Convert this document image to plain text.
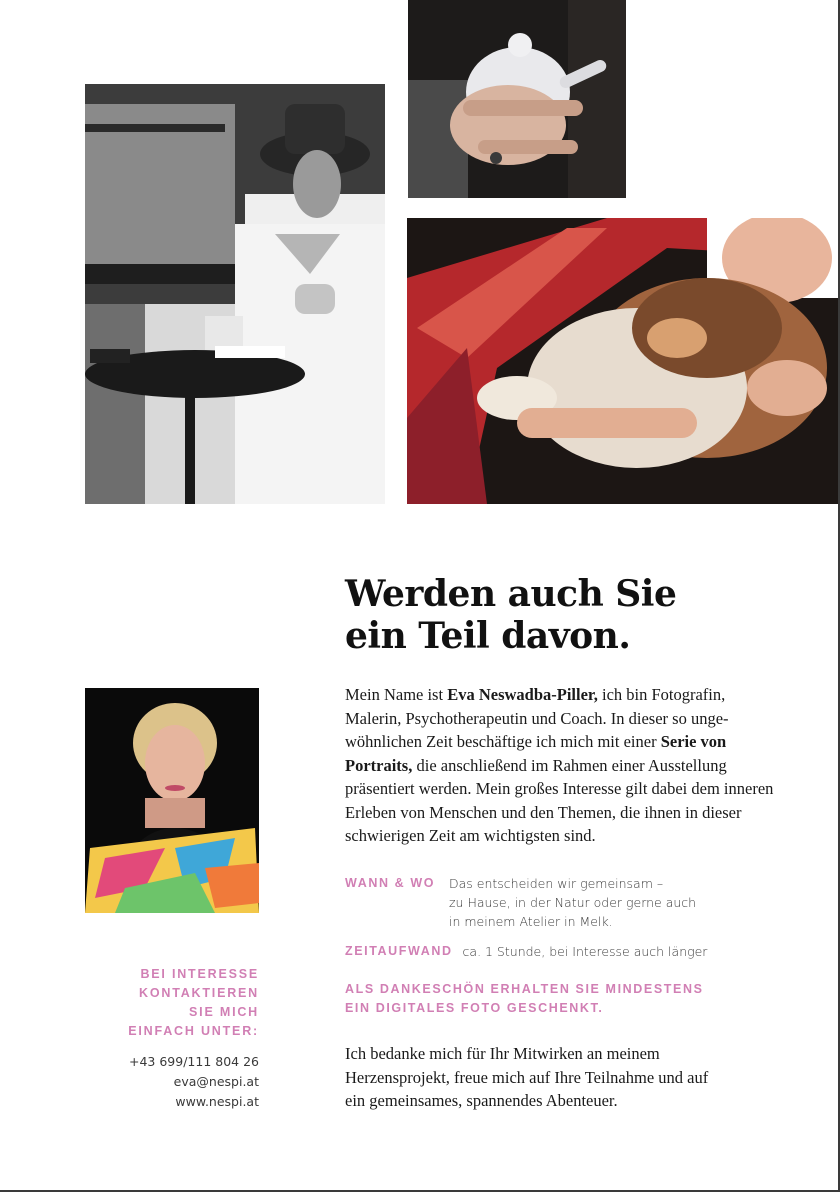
Werden auch Sie
ein Teil davon.

Mein Name ist Eva Neswadba-Piller, ich bin Fotografin, Malerin, Psychotherapeutin und Coach. In dieser so ungewöhnlichen Zeit beschäftige ich mich mit einer Serie von Portraits, die anschließend im Rahmen einer Ausstellung präsentiert werden. Mein großes Interesse gilt dabei dem inneren Erleben von Menschen und den Themen, die ihnen in dieser schwierigen Zeit am wichtigsten sind.

WANN & WO Das entscheiden wir gemeinsam –
zu Hause, in der Natur oder gerne auch
in meinem Atelier in Melk.
ZEITAUFWAND ca. 1 Stunde, bei Interesse auch länger
ALS DANKESCHÖN ERHALTEN SIE MINDESTENS
EIN DIGITALES FOTO GESCHENKT.

Ich bedanke mich für Ihr Mitwirken an meinem
Herzensprojekt, freue mich auf Ihre Teilnahme und auf
ein gemeinsames, spannendes Abenteuer.

BEI INTERESSE
KONTAKTIEREN
SIE MICH
EINFACH UNTER:
+43 699/111 804 26
eva@nespi.at
www.nespi.at
